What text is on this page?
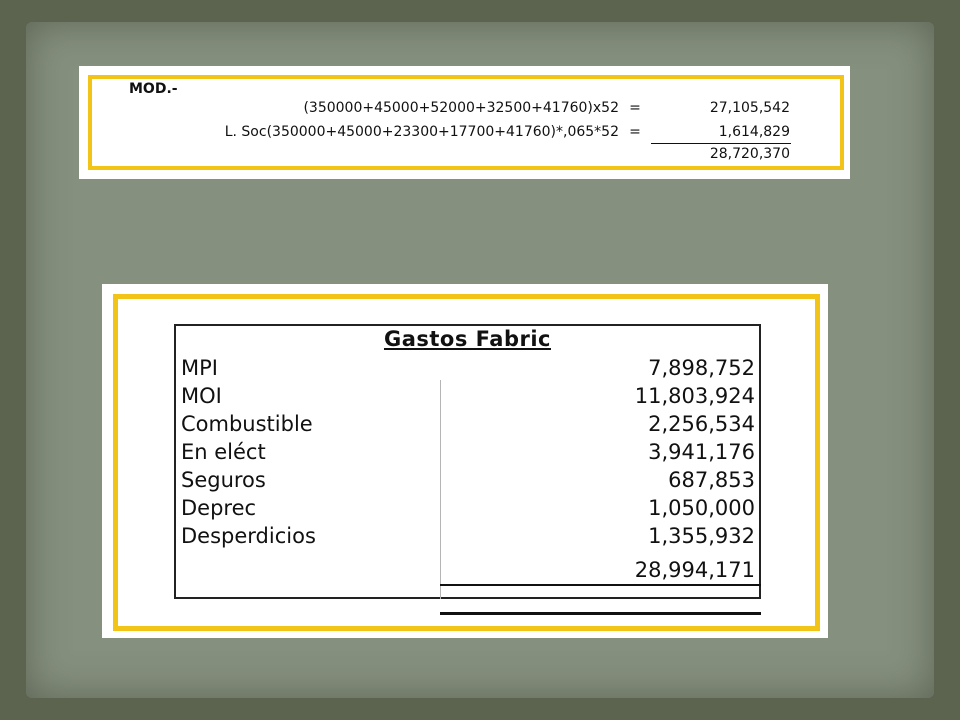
MOD.-
(350000+45000+52000+32500+41760)x52 =	27,105,542
L. Soc(350000+45000+23300+17700+41760)*,065*52 =	1,614,829
28,720,370
Gastos Fabric
MPI	7,898,752
MOI	11,803,924
Combustible	2,256,534
En eléct	3,941,176
Seguros	687,853
Deprec	1,050,000
Desperdicios	1,355,932
28,994,171
